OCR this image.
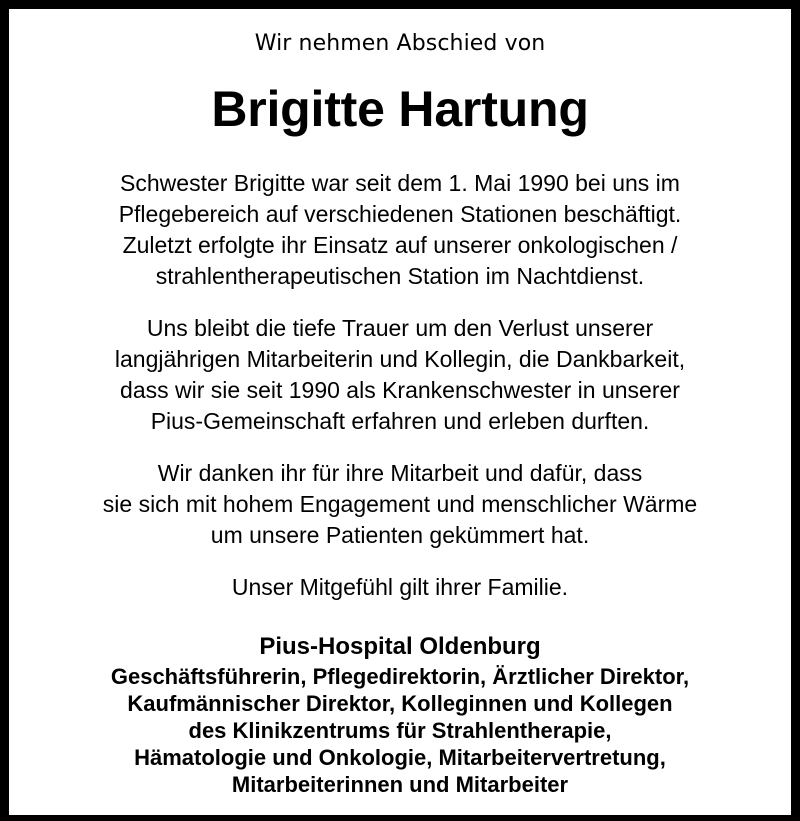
Wir nehmen Abschied von

Brigitte Hartung

Schwester Brigitte war seit dem 1. Mai 1990 bei uns im
Pflegebereich auf verschiedenen Stationen beschäftigt.
Zuletzt erfolgte ihr Einsatz auf unserer onkologischen /
strahlentherapeutischen Station im Nachtdienst.

Uns bleibt die tiefe Trauer um den Verlust unserer
langjährigen Mitarbeiterin und Kollegin, die Dankbarkeit,
dass wir sie seit 1990 als Krankenschwester in unserer
Pius-Gemeinschaft erfahren und erleben durften.

Wir danken ihr für ihre Mitarbeit und dafür, dass
sie sich mit hohem Engagement und menschlicher Wärme
um unsere Patienten gekümmert hat.

Unser Mitgefühl gilt ihrer Familie.

Pius-Hospital Oldenburg

Geschäftsführerin, Pflegedirektorin, Ärztlicher Direktor,
Kaufmännischer Direktor, Kolleginnen und Kollegen
des Klinikzentrums für Strahlentherapie,
Hämatologie und Onkologie, Mitarbeitervertretung,
Mitarbeiterinnen und Mitarbeiter
